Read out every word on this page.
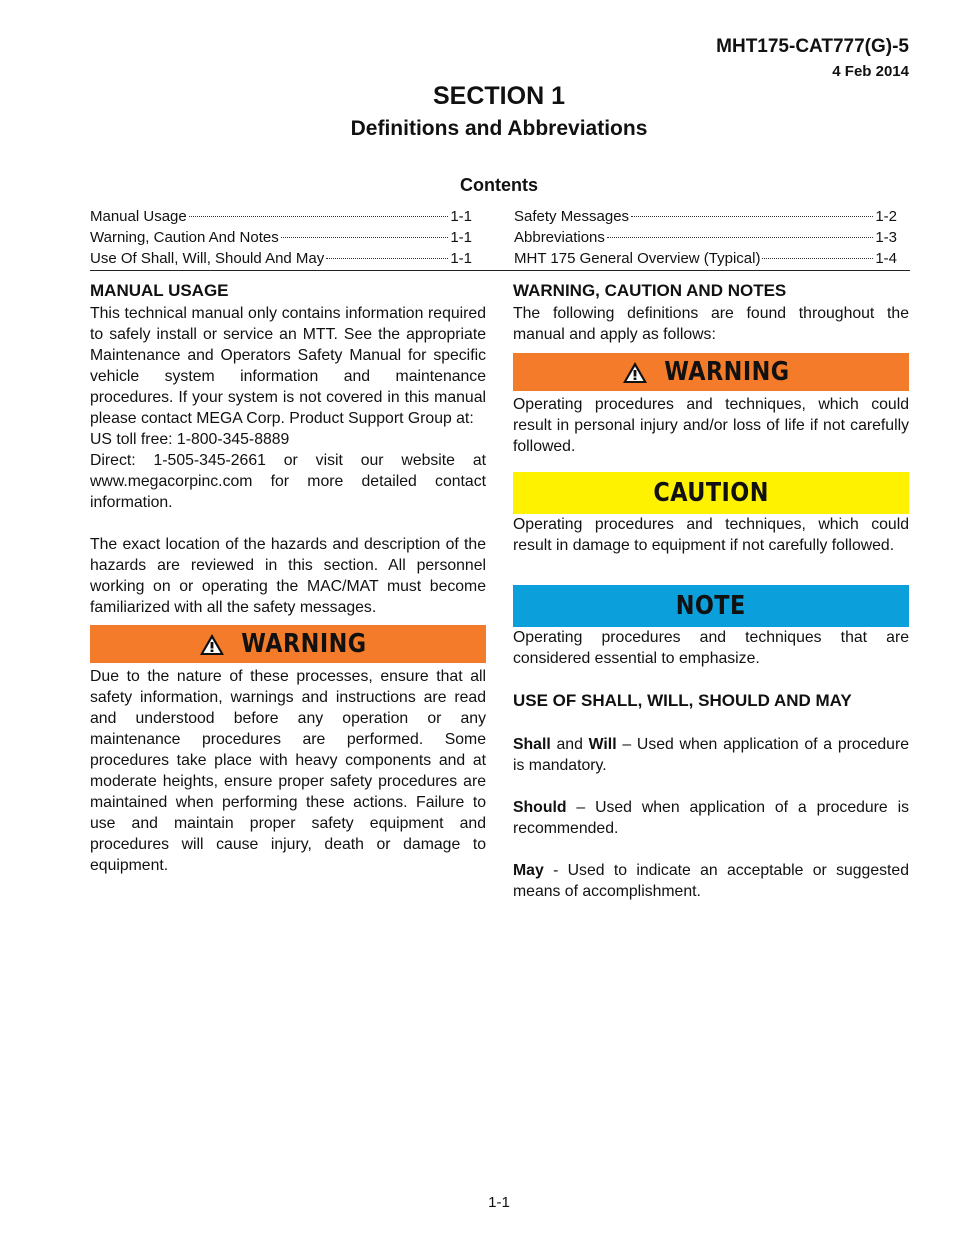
MHT175-CAT777(G)-5
4 Feb 2014
SECTION 1
Definitions and Abbreviations
Contents
Manual Usage	1-1
Warning, Caution And Notes	1-1
Use Of Shall, Will, Should And May	1-1
Safety Messages	1-2
Abbreviations	1-3
MHT 175 General Overview (Typical)	1-4
MANUAL USAGE

This technical manual only contains information required to safely install or service an MTT. See the appropriate Maintenance and Operators Safety Manual for specific vehicle system information and maintenance procedures. If your system is not covered in this manual please contact MEGA Corp. Product Support Group at:

US toll free: 1-800-345-8889

Direct: 1-505-345-2661 or visit our website at www.megacorpinc.com for more detailed contact information.

The exact location of the hazards and description of the hazards are reviewed in this section. All personnel working on or operating the MAC/MAT must become familiarized with all the safety messages.

WARNING

Due to the nature of these processes, ensure that all safety information, warnings and instructions are read and understood before any operation or any maintenance procedures are performed. Some procedures take place with heavy components and at moderate heights, ensure proper safety procedures are maintained when performing these actions. Failure to use and maintain proper safety equipment and procedures will cause injury, death or damage to equipment.

WARNING, CAUTION AND NOTES

The following definitions are found throughout the manual and apply as follows:

WARNING

Operating procedures and techniques, which could result in personal injury and/or loss of life if not carefully followed.

CAUTION

Operating procedures and techniques, which could result in damage to equipment if not carefully followed.

NOTE

Operating procedures and techniques that are considered essential to emphasize.

USE OF SHALL, WILL, SHOULD AND MAY

Shall and Will – Used when application of a procedure is mandatory.

Should – Used when application of a procedure is recommended.

May - Used to indicate an acceptable or suggested means of accomplishment.

1-1
